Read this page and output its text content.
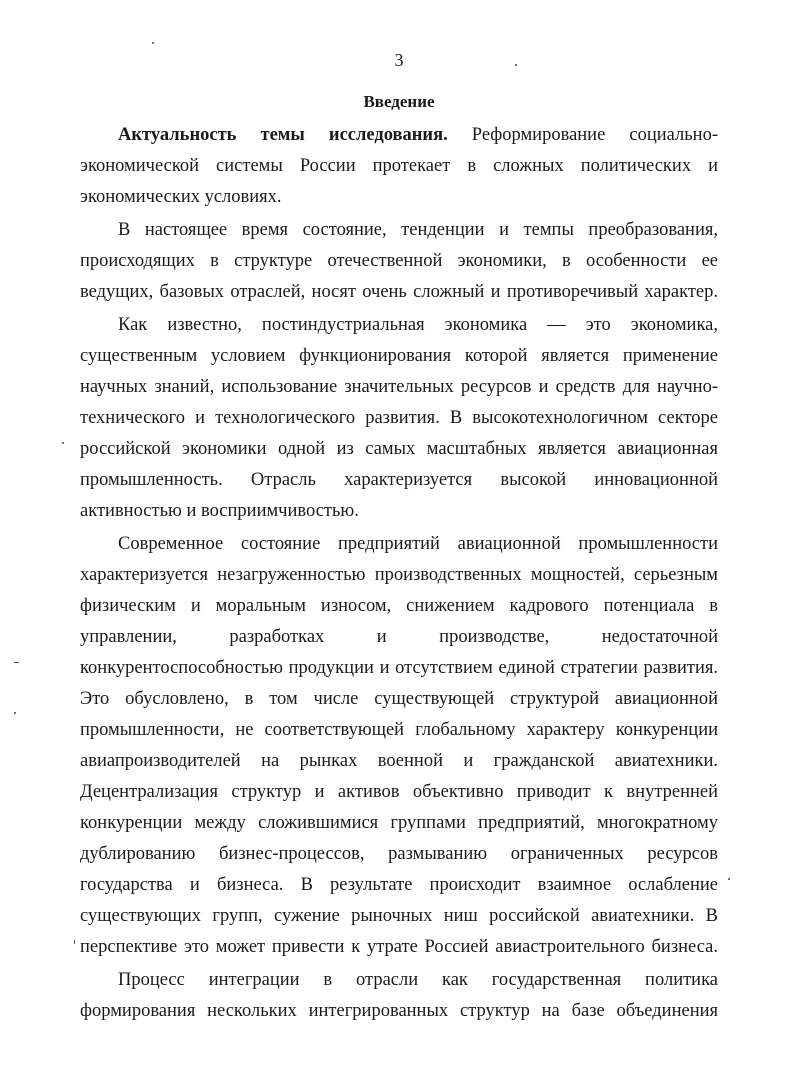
3
Введение
Актуальность темы исследования. Реформирование социально-
экономической системы России протекает в сложных политических и
экономических условиях.
В настоящее время состояние, тенденции и темпы преобразования,
происходящих в структуре отечественной экономики, в особенности ее
ведущих, базовых отраслей, носят очень сложный и противоречивый характер.
Как известно, постиндустриальная экономика — это экономика,
существенным условием функционирования которой является применение
научных знаний, использование значительных ресурсов и средств для научно-
технического и технологического развития. В высокотехнологичном секторе
российской экономики одной из самых масштабных является авиационная
промышленность. Отрасль характеризуется высокой инновационной
активностью и восприимчивостью.
Современное состояние предприятий авиационной промышленности
характеризуется незагруженностью производственных мощностей, серьезным
физическим и моральным износом, снижением кадрового потенциала в
управлении, разработках и производстве, недостаточной
конкурентоспособностью продукции и отсутствием единой стратегии развития.
Это обусловлено, в том числе существующей структурой авиационной
промышленности, не соответствующей глобальному характеру конкуренции
авиапроизводителей на рынках военной и гражданской авиатехники.
Децентрализация структур и активов объективно приводит к внутренней
конкуренции между сложившимися группами предприятий, многократному
дублированию бизнес-процессов, размыванию ограниченных ресурсов
государства и бизнеса. В результате происходит взаимное ослабление
существующих групп, сужение рыночных ниш российской авиатехники. В
перспективе это может привести к утрате Россией авиастроительного бизнеса.
Процесс интеграции в отрасли как государственная политика
формирования нескольких интегрированных структур на базе объединения
